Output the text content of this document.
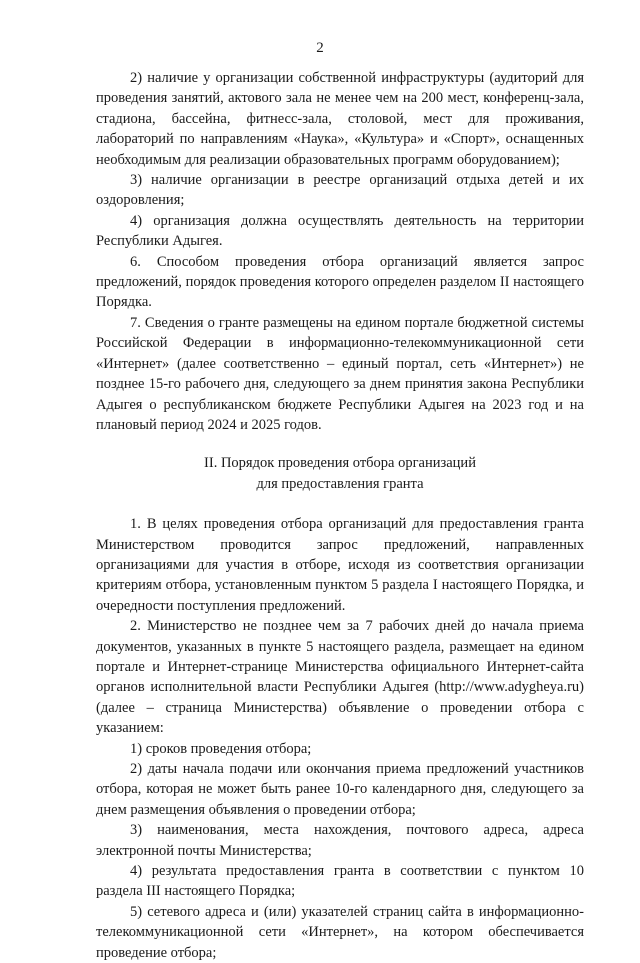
2

2) наличие у организации собственной инфраструктуры (аудиторий для проведения занятий, актового зала не менее чем на 200 мест, конференц-зала, стадиона, бассейна, фитнесс-зала, столовой, мест для проживания, лабораторий по направлениям «Наука», «Культура» и «Спорт», оснащенных необходимым для реализации образовательных программ оборудованием);

3) наличие организации в реестре организаций отдыха детей и их оздоровления;

4) организация должна осуществлять деятельность на территории Республики Адыгея.

6. Способом проведения отбора организаций является запрос предложений, порядок проведения которого определен разделом II настоящего Порядка.

7. Сведения о гранте размещены на едином портале бюджетной системы Российской Федерации в информационно-телекоммуникационной сети «Интернет» (далее соответственно – единый портал, сеть «Интернет») не позднее 15-го рабочего дня, следующего за днем принятия закона Республики Адыгея о республиканском бюджете Республики Адыгея на 2023 год и на плановый период 2024 и 2025 годов.

II. Порядок проведения отбора организаций
для предоставления гранта

1. В целях проведения отбора организаций для предоставления гранта Министерством проводится запрос предложений, направленных организациями для участия в отборе, исходя из соответствия организации критериям отбора, установленным пунктом 5 раздела I настоящего Порядка, и очередности поступления предложений.

2. Министерство не позднее чем за 7 рабочих дней до начала приема документов, указанных в пункте 5 настоящего раздела, размещает на едином портале и Интернет-странице Министерства официального Интернет-сайта органов исполнительной власти Республики Адыгея (http://www.adygheya.ru) (далее – страница Министерства) объявление о проведении отбора с указанием:

1) сроков проведения отбора;

2) даты начала подачи или окончания приема предложений участников отбора, которая не может быть ранее 10-го календарного дня, следующего за днем размещения объявления о проведении отбора;

3) наименования, места нахождения, почтового адреса, адреса электронной почты Министерства;

4) результата предоставления гранта в соответствии с пунктом 10 раздела III настоящего Порядка;

5) сетевого адреса и (или) указателей страниц сайта в информационно-телекоммуникационной сети «Интернет», на котором обеспечивается проведение отбора;
